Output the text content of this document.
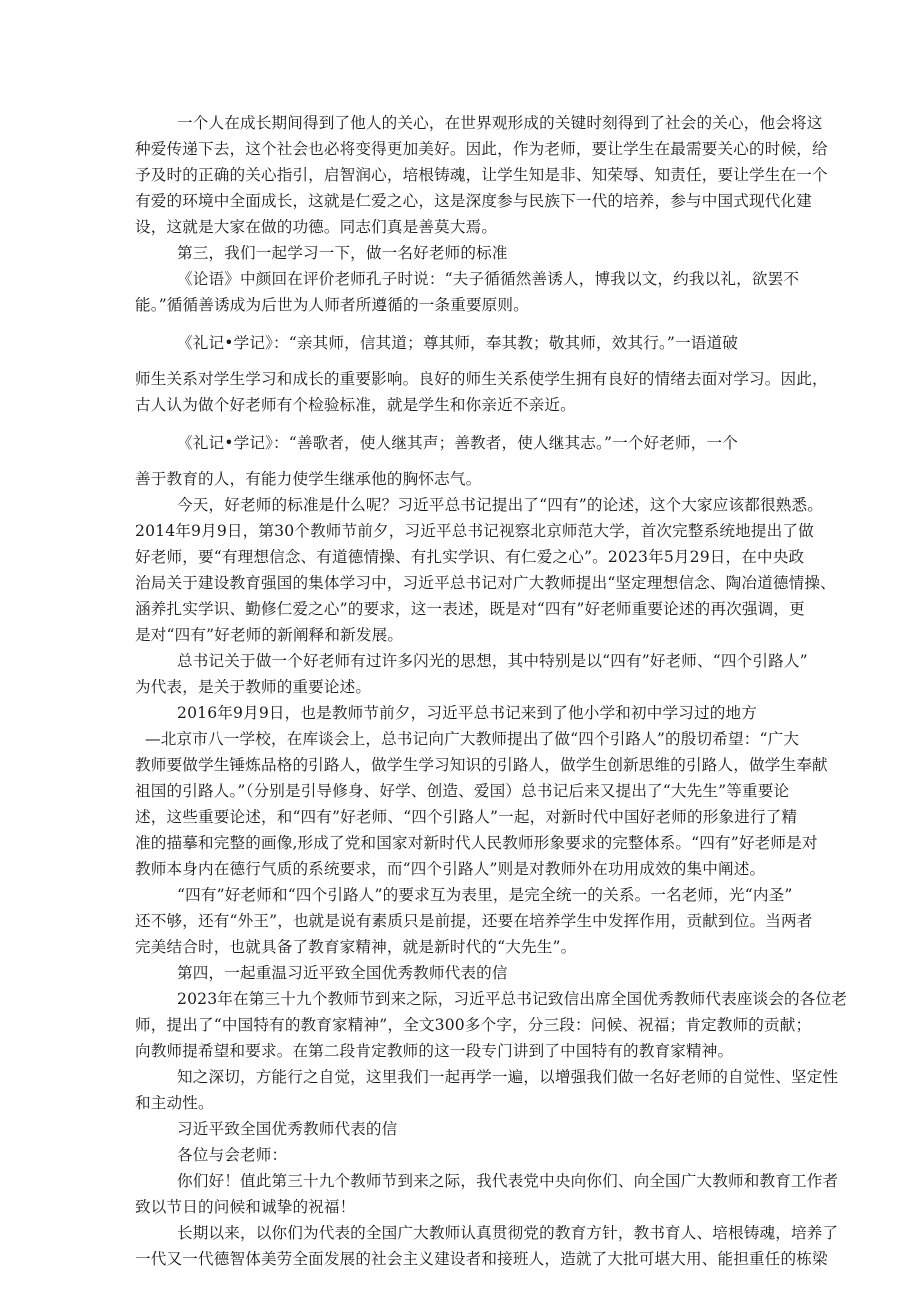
一个人在成长期间得到了他人的关心，在世界观形成的关键时刻得到了社会的关心，他会将这
种爱传递下去，这个社会也必将变得更加美好。因此，作为老师，要让学生在最需要关心的时候，给
予及时的正确的关心指引，启智润心，培根铸魂，让学生知是非、知荣辱、知责任，要让学生在一个
有爱的环境中全面成长，这就是仁爱之心，这是深度参与民族下一代的培养，参与中国式现代化建
设，这就是大家在做的功德。同志们真是善莫大焉。
第三，我们一起学习一下，做一名好老师的标准
《论语》中颜回在评价老师孔子时说：“夫子循循然善诱人，博我以文，约我以礼，欲罢不
能。”循循善诱成为后世为人师者所遵循的一条重要原则。
《礼记•学记》：“亲其师，信其道；尊其师，奉其教；敬其师，效其行。”一语道破
师生关系对学生学习和成长的重要影响。良好的师生关系使学生拥有良好的情绪去面对学习。因此，
古人认为做个好老师有个检验标准，就是学生和你亲近不亲近。
《礼记•学记》：“善歌者，使人继其声；善教者，使人继其志。”一个好老师，一个
善于教育的人，有能力使学生继承他的胸怀志气。
今天，好老师的标准是什么呢？习近平总书记提出了“四有”的论述，这个大家应该都很熟悉。
2014年9月9日，第30个教师节前夕，习近平总书记视察北京师范大学，首次完整系统地提出了做
好老师，要“有理想信念、有道德情操、有扎实学识、有仁爱之心”。2023年5月29日，在中央政
治局关于建设教育强国的集体学习中，习近平总书记对广大教师提出“坚定理想信念、陶冶道德情操、
涵养扎实学识、勤修仁爱之心”的要求，这一表述，既是对“四有”好老师重要论述的再次强调，更
是对“四有”好老师的新阐释和新发展。
总书记关于做一个好老师有过许多闪光的思想，其中特别是以“四有”好老师、“四个引路人”
为代表，是关于教师的重要论述。
2016年9月9日，也是教师节前夕，习近平总书记来到了他小学和初中学习过的地方
—北京市八一学校，在库谈会上，总书记向广大教师提出了做“四个引路人”的殷切希望：“广大
教师要做学生锤炼品格的引路人，做学生学习知识的引路人，做学生创新思维的引路人，做学生奉献
祖国的引路人。”（分别是引导修身、好学、创造、爱国）总书记后来又提出了“大先生”等重要论
述，这些重要论述，和“四有”好老师、“四个引路人”一起，对新时代中国好老师的形象进行了精
准的描摹和完整的画像,形成了党和国家对新时代人民教师形象要求的完整体系。“四有”好老师是对
教师本身内在德行气质的系统要求，而“四个引路人”则是对教师外在功用成效的集中阐述。
“四有”好老师和“四个引路人”的要求互为表里，是完全统一的关系。一名老师，光“内圣”
还不够，还有“外王”，也就是说有素质只是前提，还要在培养学生中发挥作用，贡献到位。当两者
完美结合时，也就具备了教育家精神，就是新时代的“大先生”。
第四，一起重温习近平致全国优秀教师代表的信
2023年在第三十九个教师节到来之际，习近平总书记致信出席全国优秀教师代表座谈会的各位老
师，提出了“中国特有的教育家精神”，全文300多个字，分三段：问候、祝福；肯定教师的贡献；
向教师提希望和要求。在第二段肯定教师的这一段专门讲到了中国特有的教育家精神。
知之深切，方能行之自觉，这里我们一起再学一遍，以增强我们做一名好老师的自觉性、坚定性
和主动性。
习近平致全国优秀教师代表的信
各位与会老师：
你们好！值此第三十九个教师节到来之际，我代表党中央向你们、向全国广大教师和教育工作者
致以节日的问候和诚挚的祝福！
长期以来，以你们为代表的全国广大教师认真贯彻党的教育方针，教书育人、培根铸魂，培养了
一代又一代德智体美劳全面发展的社会主义建设者和接班人，造就了大批可堪大用、能担重任的栋梁
